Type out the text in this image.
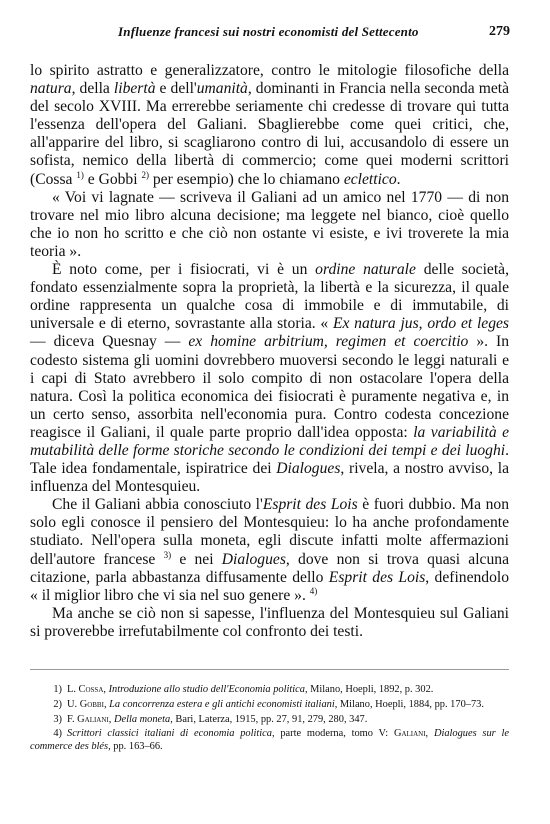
Influenze francesi sui nostri economisti del Settecento	279

lo spirito astratto e generalizzatore, contro le mitologie filosofiche della natura, della libertà e dell'umanità, dominanti in Francia nella seconda metà del secolo XVIII. Ma errerebbe seriamente chi credesse di trovare qui tutta l'essenza dell'opera del Galiani. Sbaglierebbe come quei critici, che, all'apparire del libro, si scagliarono contro di lui, accusandolo di essere un sofista, nemico della libertà di commercio; come quei moderni scrittori (Cossa $^{1)}$ e Gobbi $^{2)}$ per esempio) che lo chiamano eclettico.

« Voi vi lagnate — scriveva il Galiani ad un amico nel 1770 — di non trovare nel mio libro alcuna decisione; ma leggete nel bianco, cioè quello che io non ho scritto e che ciò non ostante vi esiste, e ivi troverete la mia teoria ».

È noto come, per i fisiocrati, vi è un ordine naturale delle società, fondato essenzialmente sopra la proprietà, la libertà e la sicurezza, il quale ordine rappresenta un qualche cosa di immobile e di immutabile, di universale e di eterno, sovrastante alla storia. « Ex natura jus, ordo et leges — diceva Quesnay — ex homine arbitrium, regimen et coercitio ». In codesto sistema gli uomini dovrebbero muoversi secondo le leggi naturali e i capi di Stato avrebbero il solo compito di non ostacolare l'opera della natura. Così la politica economica dei fisiocrati è puramente negativa e, in un certo senso, assorbita nell'economia pura. Contro codesta concezione reagisce il Galiani, il quale parte proprio dall'idea opposta: la variabilità e mutabilità delle forme storiche secondo le condizioni dei tempi e dei luoghi. Tale idea fondamentale, ispiratrice dei Dialogues, rivela, a nostro avviso, la influenza del Montesquieu.

Che il Galiani abbia conosciuto l'Esprit des Lois è fuori dubbio. Ma non solo egli conosce il pensiero del Montesquieu: lo ha anche profondamente studiato. Nell'opera sulla moneta, egli discute infatti molte affermazioni dell'autore francese $^{3)}$ e nei Dialogues, dove non si trova quasi alcuna citazione, parla abbastanza diffusamente dello Esprit des Lois, definendolo « il miglior libro che vi sia nel suo genere ». $^{4)}$

Ma anche se ciò non si sapesse, l'influenza del Montesquieu sul Galiani si proverebbe irrefutabilmente col confronto dei testi.

1) L. Cossa, Introduzione allo studio dell'Economia politica, Milano, Hoepli, 1892, p. 302.

2) U. Gobbi, La concorrenza estera e gli antichi economisti italiani, Milano, Hoepli, 1884, pp. 170–73.

3) F. Galiani, Della moneta, Bari, Laterza, 1915, pp. 27, 91, 279, 280, 347.

4) Scrittori classici italiani di economia politica, parte moderna, tomo V: Galiani, Dialogues sur le commerce des blés, pp. 163–66.
